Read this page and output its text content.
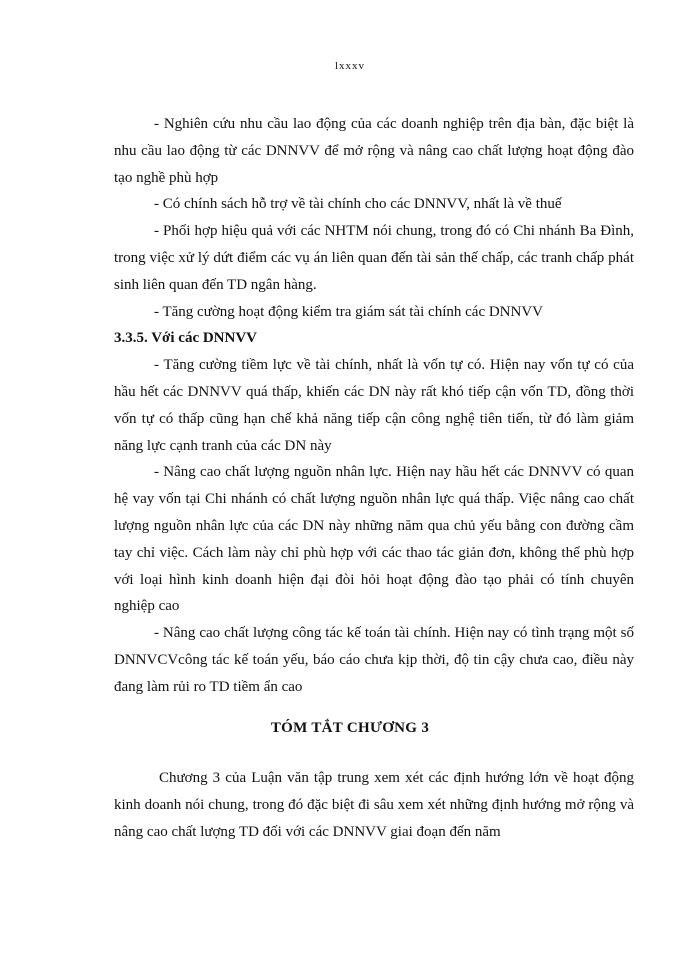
lxxxv

- Nghiên cứu nhu cầu lao động của các doanh nghiệp trên địa bàn, đặc biệt là nhu cầu lao động từ các DNNVV để mở rộng và nâng cao chất lượng hoạt động đào tạo nghề phù hợp

- Có chính sách hỗ trợ về tài chính cho các DNNVV, nhất là về thuế

- Phối hợp hiệu quả với các NHTM nói chung, trong đó có Chi nhánh Ba Đình, trong việc xử lý dứt điểm các vụ án liên quan đến tài sản thế chấp, các tranh chấp phát sinh liên quan đến TD ngân hàng.

- Tăng cường hoạt động kiểm tra giám sát tài chính các DNNVV

3.3.5. Với các DNNVV

- Tăng cường tiềm lực về tài chính, nhất là vốn tự có. Hiện nay vốn tự có của hầu hết các DNNVV quá thấp, khiến các DN này rất khó tiếp cận vốn TD, đồng thời vốn tự có thấp cũng hạn chế khả năng tiếp cận công nghệ tiên tiến, từ đó làm giảm năng lực cạnh tranh của các DN này

- Nâng cao chất lượng nguồn nhân lực. Hiện nay hầu hết các DNNVV có quan hệ vay vốn tại Chi nhánh có chất lượng nguồn nhân lực quá thấp. Việc nâng cao chất lượng nguồn nhân lực của các DN này những năm qua chủ yếu bằng con đường cầm tay chỉ việc. Cách làm này chỉ phù hợp với các thao tác giản đơn, không thể phù hợp với loại hình kinh doanh hiện đại đòi hỏi hoạt động đào tạo phải có tính chuyên nghiệp cao

- Nâng cao chất lượng công tác kế toán tài chính. Hiện nay có tình trạng một số DNNVCVcông tác kế toán yếu, báo cáo chưa kịp thời, độ tin cậy chưa cao, điều này đang làm rủi ro TD tiềm ẩn cao

TÓM TẮT CHƯƠNG 3

Chương 3 của Luận văn tập trung xem xét các định hướng lớn về hoạt động kinh doanh nói chung, trong đó đặc biệt đi sâu xem xét những định hướng mở rộng và nâng cao chất lượng TD đối với các DNNVV giai đoạn đến năm
